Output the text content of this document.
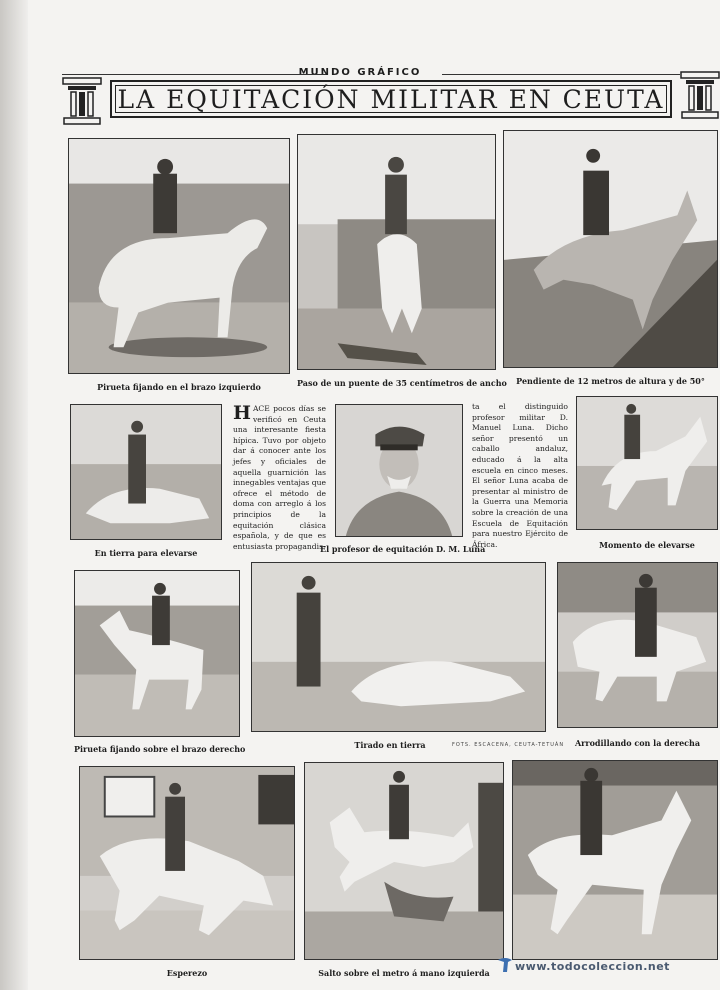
MUNDO GRÁFICO
LA EQUITACIÓN MILITAR EN CEUTA
Pirueta fijando en el brazo izquierdo	Paso de un puente de 35 centímetros de ancho	Pendiente de 12 metros de altura y de 50°

HACE pocos días se verificó en Ceuta una interesante fiesta hípica. Tuvo por objeto dar á conocer ante los jefes y oficiales de aquella guarnición las innegables ventajas que ofrece el método de doma con arreglo á los principios de la equitación clásica española, y de que es entusiasta propagandis-

ta el distinguido profesor militar D. Manuel Luna. Dicho señor presentó un caballo andaluz, educado á la alta escuela en cinco meses. El señor Luna acaba de presentar al ministro de la Guerra una Memoria sobre la creación de una Escuela de Equitación para nuestro Ejército de África.

En tierra para elevarse	El profesor de equitación D. M. Luna	Momento de elevarse
Pirueta fijando sobre el brazo derecho	Tirado en tierra	FOTS. ESCACENA, CEUTA-TETUÁN	Arrodillando con la derecha
Esperezo	Salto sobre el metro á mano izquierda	www.todocoleccion.net
